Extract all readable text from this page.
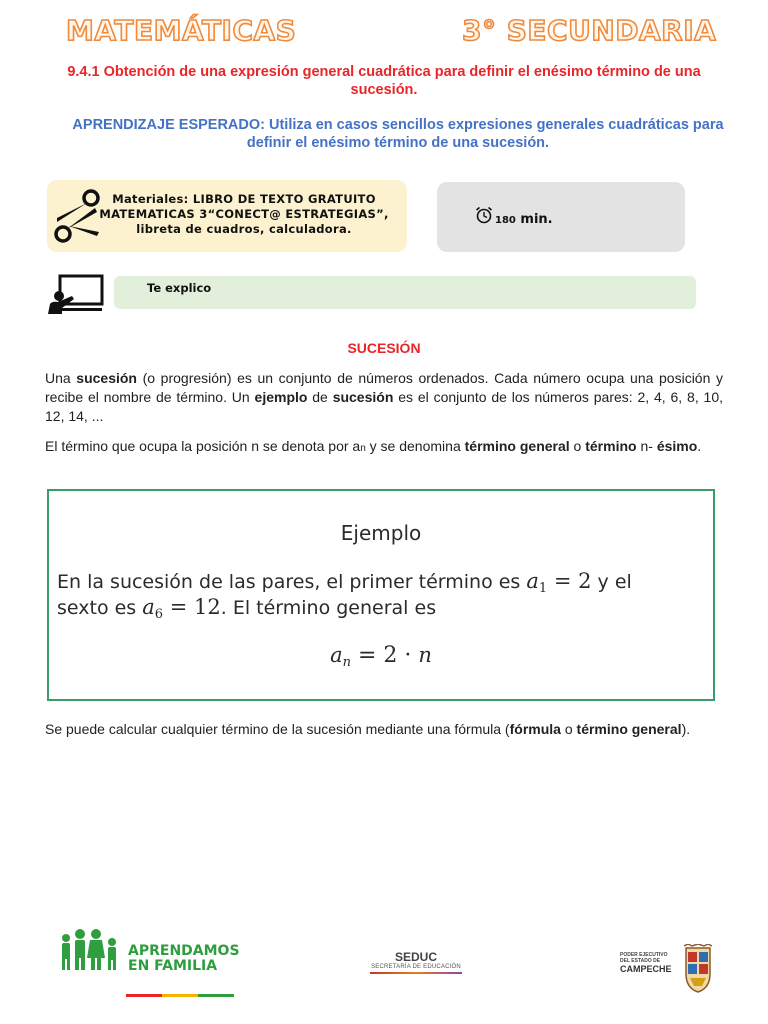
MATEMÁTICAS	3° SECUNDARIA
9.4.1 Obtención de una expresión general cuadrática para definir el enésimo término de una sucesión.
APRENDIZAJE ESPERADO: Utiliza en casos sencillos expresiones generales cuadráticas para definir el enésimo término de una sucesión.
Materiales: LIBRO DE TEXTO GRATUITO
MATEMATICAS 3“CONECT@ ESTRATEGIAS”,
libreta de cuadros, calculadora.
180 min.
Te explico
SUCESIÓN
Una sucesión (o progresión) es un conjunto de números ordenados. Cada número ocupa una posición y recibe el nombre de término. Un ejemplo de sucesión es el conjunto de los números pares: 2, 4, 6, 8, 10, 12, 14, ...
El término que ocupa la posición n se denota por an y se denomina término general o término n- ésimo.
Ejemplo
En la sucesión de las pares, el primer término es $a_1 = 2$ y el
sexto es $a_6 = 12$. El término general es
an = 2 · n
Se puede calcular cualquier término de la sucesión mediante una fórmula (fórmula o término general).
APRENDAMOS
EN FAMILIA
SEDUC
SECRETARÍA DE EDUCACIÓN
PODER EJECUTIVO
DEL ESTADO DE
CAMPECHE
